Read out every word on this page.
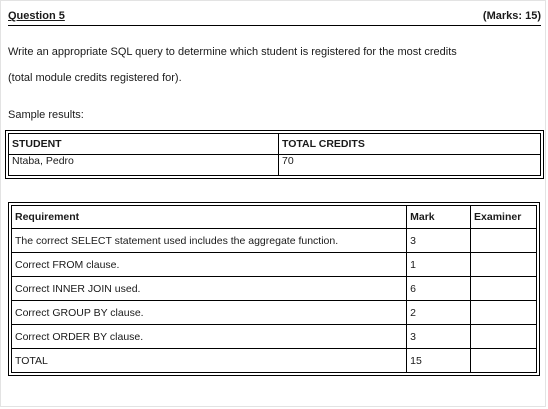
Question 5	(Marks: 15)

Write an appropriate SQL query to determine which student is registered for the most credits
(total module credits registered for).

Sample results:
STUDENT	TOTAL CREDITS
Ntaba, Pedro	70
Requirement	Mark	Examiner
The correct SELECT statement used includes the aggregate function.	3	
Correct FROM clause.	1	
Correct INNER JOIN used.	6	
Correct GROUP BY clause.	2	
Correct ORDER BY clause.	3	
TOTAL	15	
